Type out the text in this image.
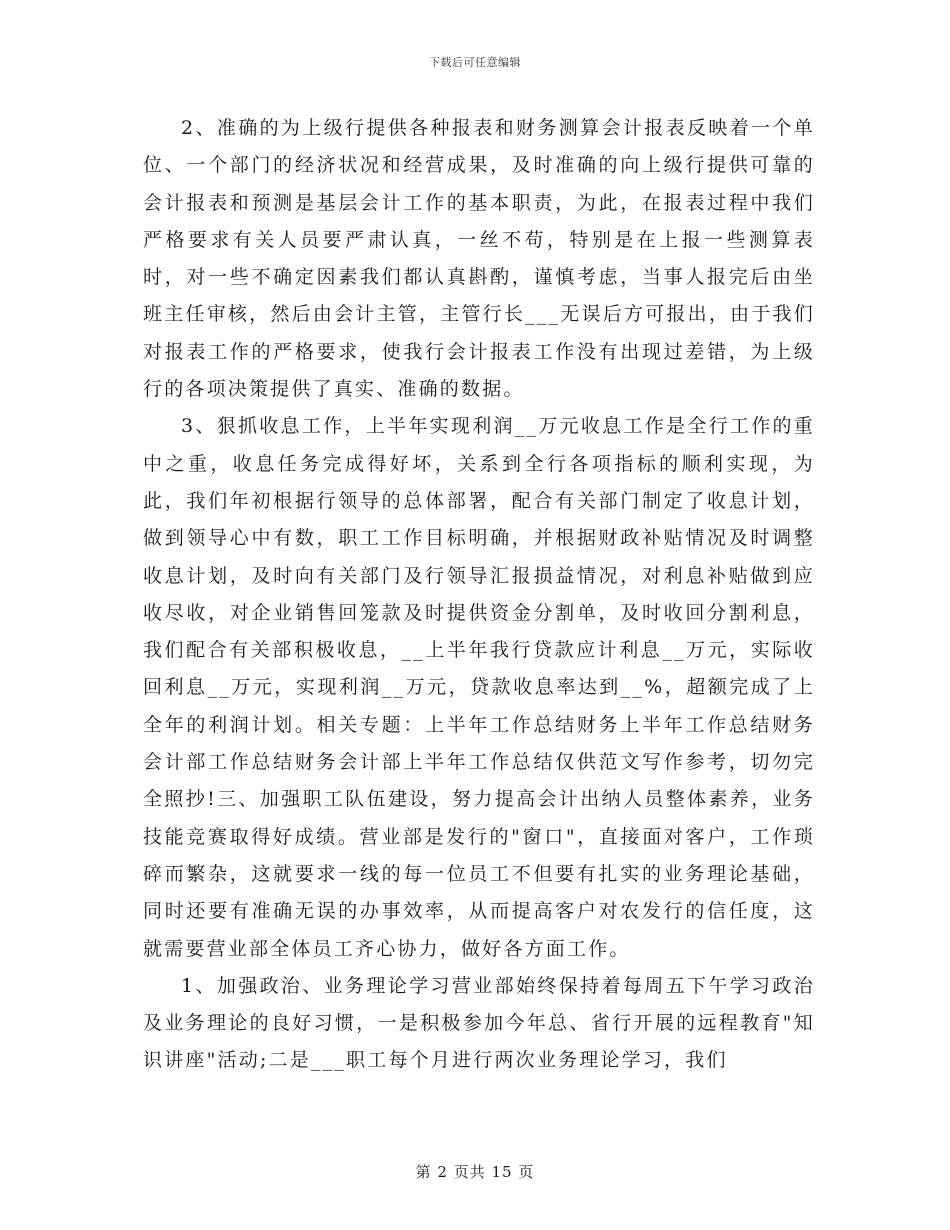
下载后可任意编辑

2、准确的为上级行提供各种报表和财务测算会计报表反映着一个单位、一个部门的经济状况和经营成果，及时准确的向上级行提供可靠的会计报表和预测是基层会计工作的基本职责，为此，在报表过程中我们严格要求有关人员要严肃认真，一丝不苟，特别是在上报一些测算表时，对一些不确定因素我们都认真斟酌，谨慎考虑，当事人报完后由坐班主任审核，然后由会计主管，主管行长___无误后方可报出，由于我们对报表工作的严格要求，使我行会计报表工作没有出现过差错，为上级行的各项决策提供了真实、准确的数据。

3、狠抓收息工作，上半年实现利润__万元收息工作是全行工作的重中之重，收息任务完成得好坏，关系到全行各项指标的顺利实现，为此，我们年初根据行领导的总体部署，配合有关部门制定了收息计划，做到领导心中有数，职工工作目标明确，并根据财政补贴情况及时调整收息计划，及时向有关部门及行领导汇报损益情况，对利息补贴做到应收尽收，对企业销售回笼款及时提供资金分割单，及时收回分割利息，我们配合有关部积极收息，__上半年我行贷款应计利息__万元，实际收回利息__万元，实现利润__万元，贷款收息率达到__%，超额完成了上全年的利润计划。相关专题：上半年工作总结财务上半年工作总结财务会计部工作总结财务会计部上半年工作总结仅供范文写作参考，切勿完全照抄!三、加强职工队伍建设，努力提高会计出纳人员整体素养，业务技能竞赛取得好成绩。营业部是发行的"窗口"，直接面对客户，工作琐碎而繁杂，这就要求一线的每一位员工不但要有扎实的业务理论基础，同时还要有准确无误的办事效率，从而提高客户对农发行的信任度，这就需要营业部全体员工齐心协力，做好各方面工作。

1、加强政治、业务理论学习营业部始终保持着每周五下午学习政治及业务理论的良好习惯，一是积极参加今年总、省行开展的远程教育"知识讲座"活动;二是___职工每个月进行两次业务理论学习，我们

第 2 页共 15 页
